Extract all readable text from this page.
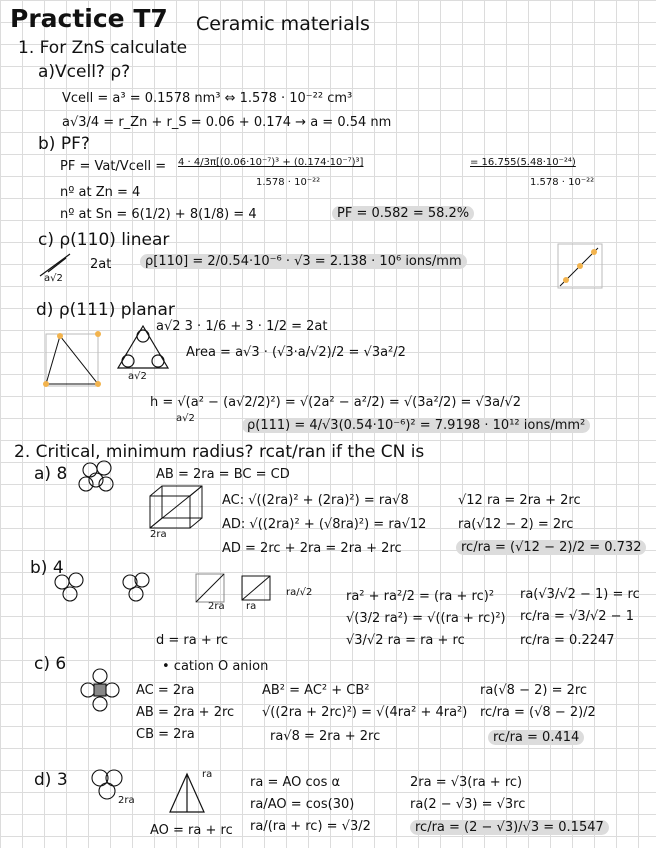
Practice T7 Ceramic materials
1. For ZnS calculate
a)Vcell? ρ?
Vcell = a³ = 0.1578 nm³ ⇔ 1.578 · 10⁻²² cm³
a√3/4 = r_Zn + r_S = 0.06 + 0.174 → a = 0.54 nm
b) PF?
PF = Vat/Vcell = 4 · 4/3π[(0.06·10⁻⁷)³ + (0.174·10⁻⁷)³]
1.578 · 10⁻²²
= 16.755(5.48·10⁻²⁴)
1.578 · 10⁻²²
nº at Zn = 4
nº at Sn = 6(1/2) + 8(1/8) = 4	PF = 0.582 = 58.2%
c) ρ(110) linear
a√2
2at	ρ[110] = 2/0.54·10⁻⁶ · √3 = 2.138 · 10⁶ ions/mm
d) ρ(111) planar
a√2 3 · 1/6 + 3 · 1/2 = 2at
Area = a√3 · (√3·a/√2)/2 = √3a²/2
a√2
h = √(a² − (a√2/2)²) = √(2a² − a²/2) = √(3a²/2) = √3a/√2
a√2	ρ(111) = 4/√3(0.54·10⁻⁶)² = 7.9198 · 10¹² ions/mm²
2. Critical, minimum radius? rcat/ran if the CN is
a) 8	AB = 2ra = BC = CD
AC: √((2ra)² + (2ra)²) = ra√8
AD: √((2ra)² + (√8ra)²) = ra√12
AD = 2rc + 2ra = 2ra + 2rc
√12 ra = 2ra + 2rc
ra(√12 − 2) = 2rc
rc/ra = (√12 − 2)/2 = 0.732
2ra
b) 4
ra² + ra²/2 = (ra + rc)²
√(3/2 ra²) = √((ra + rc)²)
√3/√2 ra = ra + rc
ra(√3/√2 − 1) = rc
rc/ra = √3/√2 − 1
rc/ra = 0.2247
d = ra + rc
2ra ra
ra/√2
c) 6	• cation O anion
AC = 2ra
AB = 2ra + 2rc
CB = 2ra
AB² = AC² + CB²
√((2ra + 2rc)²) = √(4ra² + 4ra²)
ra√8 = 2ra + 2rc
ra(√8 − 2) = 2rc
rc/ra = (√8 − 2)/2
rc/ra = 0.414
d) 3
AO = ra + rc
ra = AO cos α
ra/AO = cos(30)
ra/(ra + rc) = √3/2
2ra = √3(ra + rc)
ra(2 − √3) = √3rc
rc/ra = (2 − √3)/√3 = 0.1547
ra
2ra
